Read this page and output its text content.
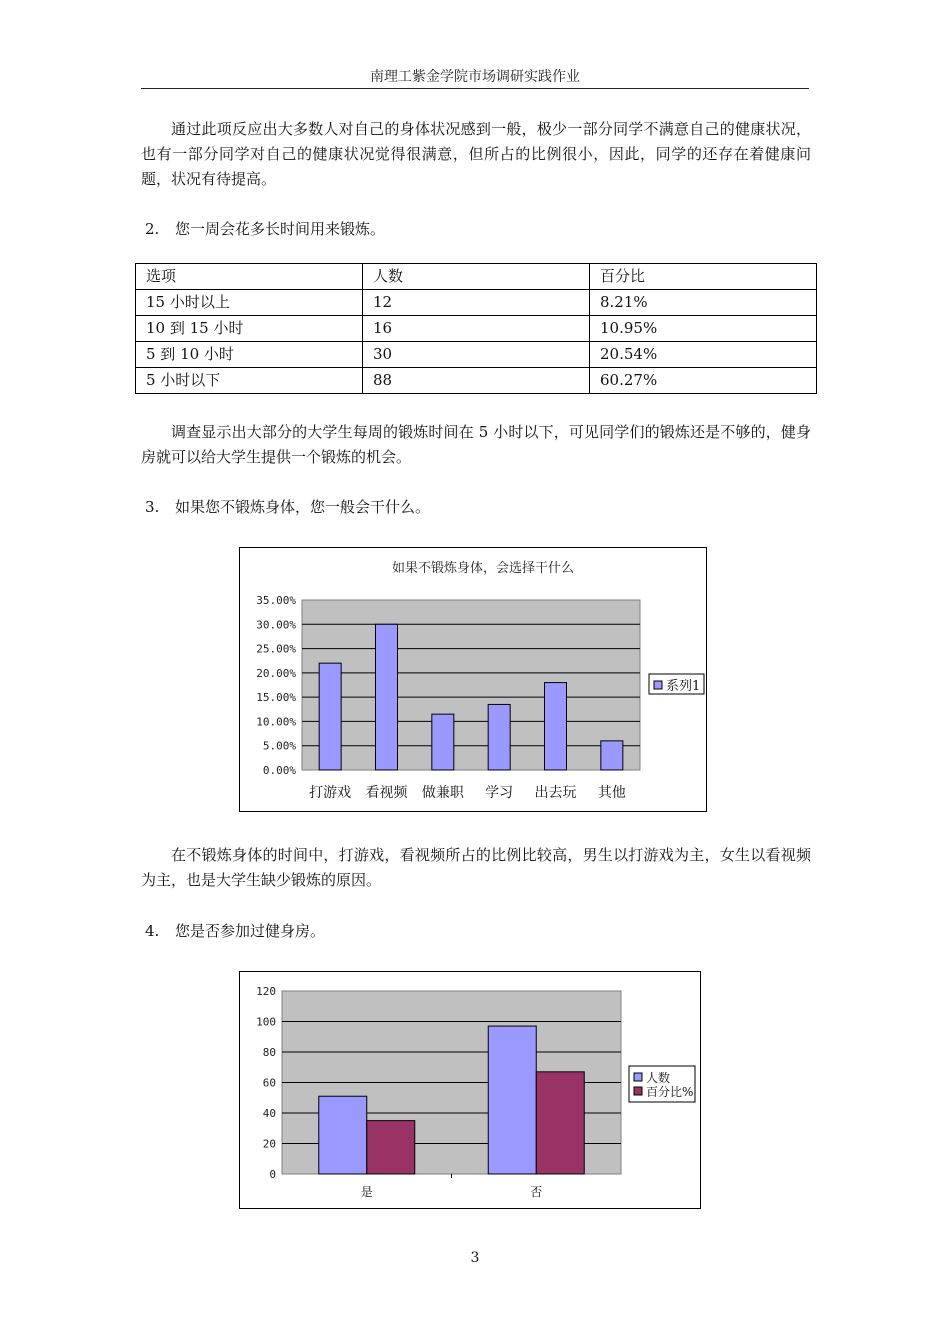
南理工紫金学院市场调研实践作业
通过此项反应出大多数人对自己的身体状况感到一般，极少一部分同学不满意自己的健康状况，也有一部分同学对自己的健康状况觉得很满意，但所占的比例很小，因此，同学的还存在着健康问题，状况有待提高。
2. 您一周会花多长时间用来锻炼。
选项	人数	百分比
15 小时以上	12	8.21%
10 到 15 小时	16	10.95%
5 到 10 小时	30	20.54%
5 小时以下	88	60.27%
调查显示出大部分的大学生每周的锻炼时间在 5 小时以下，可见同学们的锻炼还是不够的，健身房就可以给大学生提供一个锻炼的机会。
3. 如果您不锻炼身体，您一般会干什么。
如果不锻炼身体，会选择干什么
0.00%
5.00%
10.00%
15.00%
20.00%
25.00%
30.00%
35.00%
打游戏 看视频 做兼职 学习 出去玩 其他
系列1
在不锻炼身体的时间中，打游戏，看视频所占的比例比较高，男生以打游戏为主，女生以看视频为主，也是大学生缺少锻炼的原因。
4. 您是否参加过健身房。
0
20
40
60
80
100
120
是	否
人数
百分比%
3
